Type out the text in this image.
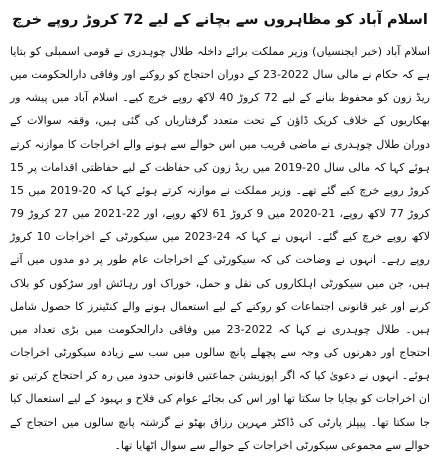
اسلام آباد کو مظاہروں سے بچانے کے لیے 72 کروڑ روپے خرچ

اسلام آباد (خبر ایجنسیاں) وزیر مملکت برائے داخلہ طلال چوہدری نے قومی اسمبلی کو بتایا ہے کہ حکام نے مالی سال 2022-23 کے دوران احتجاج کو روکنے اور وفاقی دارالحکومت میں ریڈ زون کو محفوظ بنانے کے لیے 72 کروڑ 40 لاکھ روپے خرچ کیے۔ اسلام آباد میں پیشہ ور بھکاریوں کے خلاف کریک ڈاؤن کے تحت متعدد گرفتاریاں کی گئی ہیں، وقفہ سوالات کے دوران طلال چوہدری نے ماضی قریب میں اس حوالے سے ہونے والے اخراجات کا موازنہ کرتے ہوئے کہا کہ مالی سال 20-2019 میں ریڈ زون کی حفاظت کے لیے حفاظتی اقدامات پر 15 کروڑ روپے خرچ کیے گئے تھے۔ وزیر مملکت نے موازنہ کرتے ہوئے کہا کہ 20-2019 میں 15 کروڑ 77 لاکھ روپے، 21-2020 میں 9 کروڑ 61 لاکھ روپے، اور 22-2021 میں 27 کروڑ 79 لاکھ روپے خرچ کیے گئے۔ انہوں نے کہا کہ 24-2023 میں سیکورٹی کے اخراجات 10 کروڑ روپے رہے۔ انہوں نے وضاحت کی کہ سیکورٹی کے اخراجات عام طور پر دو مدوں میں آتے ہیں، جن میں سیکورٹی اہلکاروں کی نقل و حمل، خوراک اور رہائش اور سڑکوں کو بلاک کرنے اور غیر قانونی اجتماعات کو روکنے کے لیے استعمال ہونے والے کنٹینرز کا حصول شامل ہیں۔ طلال چوہدری نے کہا کہ 2022-23 میں وفاقی دارالحکومت میں بڑی تعداد میں احتجاج اور دھرنوں کی وجہ سے پچھلے پانچ سالوں میں سب سے زیادہ سیکورٹی اخراجات ہوئے۔ انہوں نے دعویٰ کیا کہ اگر اپوزیشن جماعتیں قانونی حدود میں رہ کر احتجاج کرتیں تو ان اخراجات کو بچایا جا سکتا تھا اور اس کی بجائے عوام کی فلاح و بہبود کے لیے استعمال کیا جا سکتا تھا۔ پیپلز پارٹی کی ڈاکٹر مہرین رزاق بھٹو نے گزشتہ پانچ سالوں میں احتجاج کے حوالے سے مجموعی سیکورٹی اخراجات کے حوالے سے سوال اٹھایا تھا۔
